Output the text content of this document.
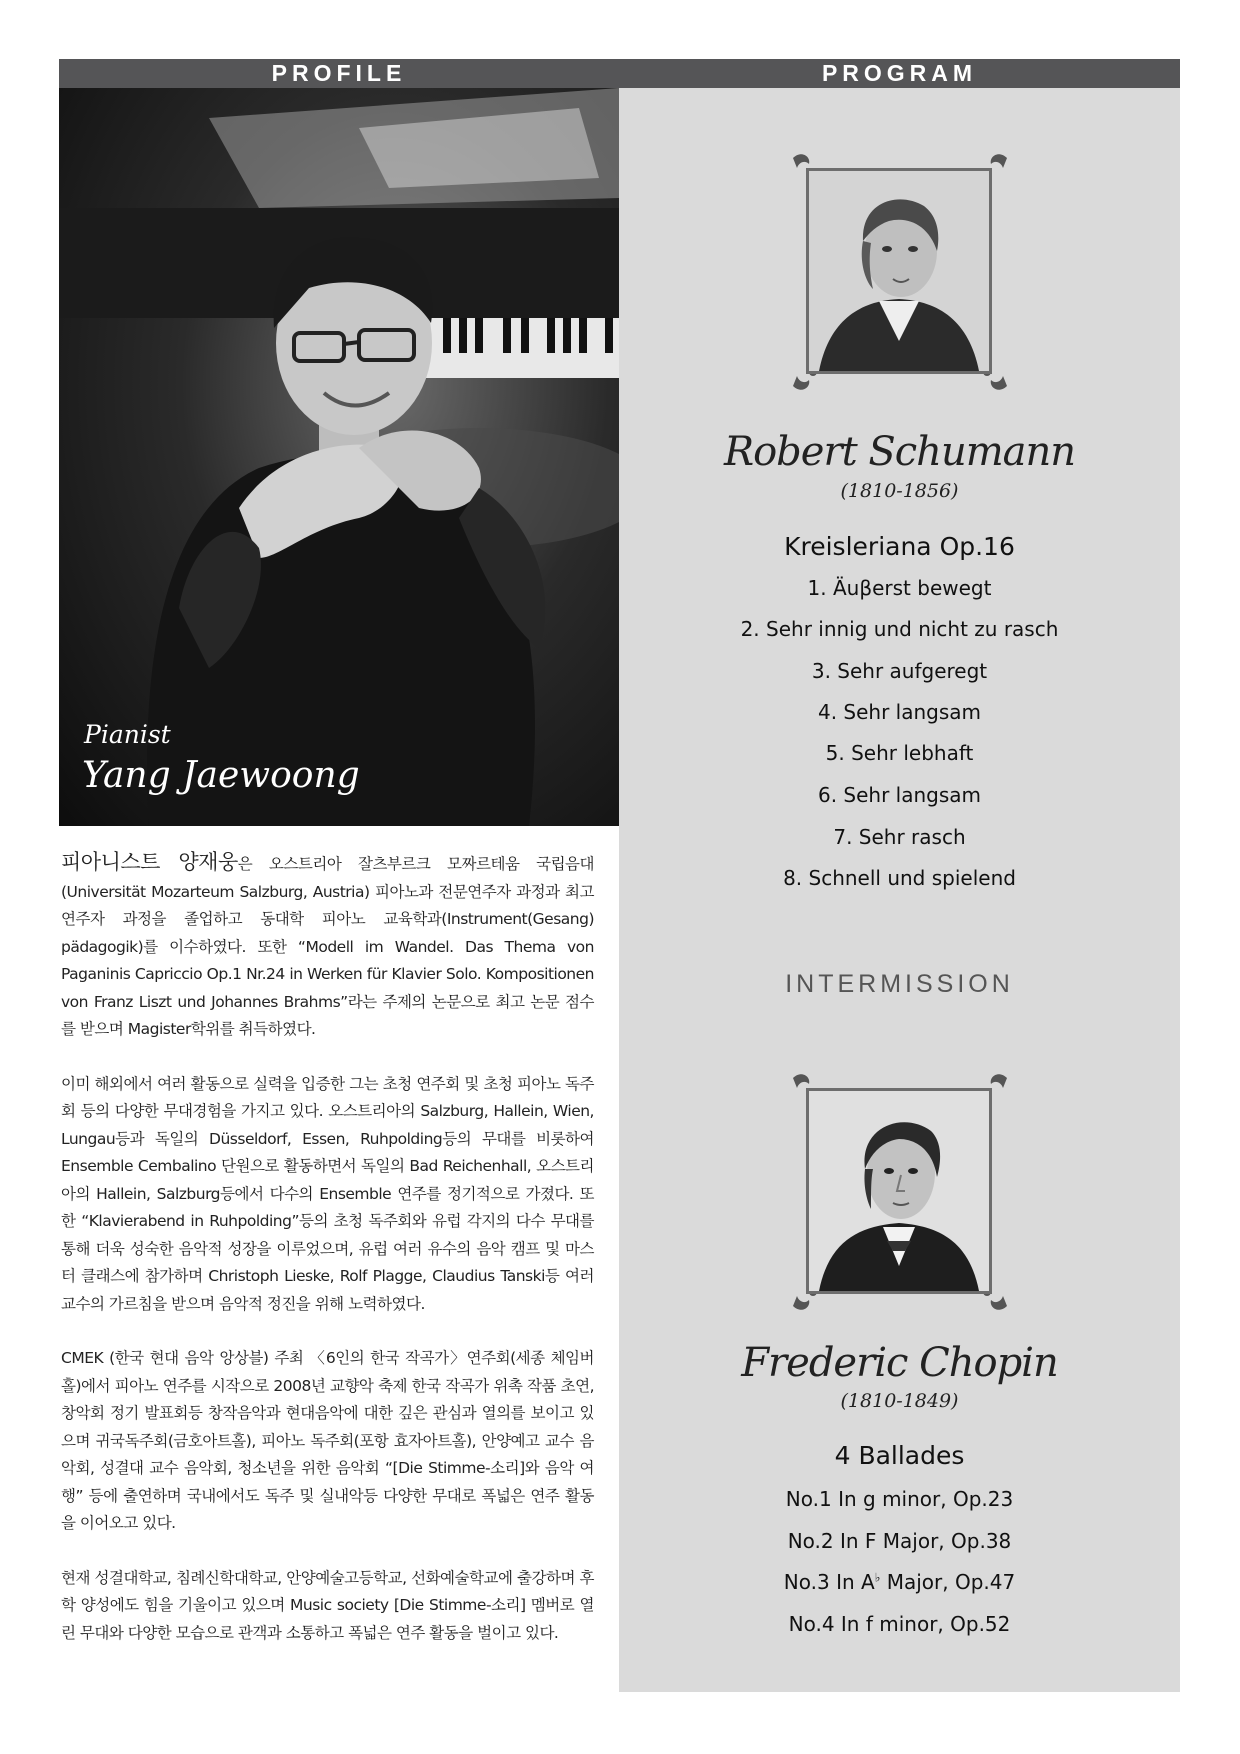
PROFILE	PROGRAM
Pianist
Yang Jaewoong

피아니스트 양재웅은 오스트리아 잘츠부르크 모짜르테움 국립음대(Universität Mozarteum Salzburg, Austria) 피아노과 전문연주자 과정과 최고 연주자 과정을 졸업하고 동대학 피아노 교육학과(Instrument(Gesang) pädagogik)를 이수하였다. 또한 “Modell im Wandel. Das Thema von Paganinis Capriccio Op.1 Nr.24 in Werken für Klavier Solo. Kompositionen von Franz Liszt und Johannes Brahms”라는 주제의 논문으로 최고 논문 점수를 받으며 Magister학위를 취득하였다.

이미 해외에서 여러 활동으로 실력을 입증한 그는 초청 연주회 및 초청 피아노 독주회 등의 다양한 무대경험을 가지고 있다. 오스트리아의 Salzburg, Hallein, Wien, Lungau등과 독일의 Düsseldorf, Essen, Ruhpolding등의 무대를 비롯하여 Ensemble Cembalino 단원으로 활동하면서 독일의 Bad Reichenhall, 오스트리아의 Hallein, Salzburg등에서 다수의 Ensemble 연주를 정기적으로 가졌다. 또한 “Klavierabend in Ruhpolding”등의 초청 독주회와 유럽 각지의 다수 무대를 통해 더욱 성숙한 음악적 성장을 이루었으며, 유럽 여러 유수의 음악 캠프 및 마스터 클래스에 참가하며 Christoph Lieske, Rolf Plagge, Claudius Tanski등 여러 교수의 가르침을 받으며 음악적 정진을 위해 노력하였다.

CMEK (한국 현대 음악 앙상블) 주최 〈6인의 한국 작곡가〉연주회(세종 체임버홀)에서 피아노 연주를 시작으로 2008년 교향악 축제 한국 작곡가 위촉 작품 초연, 창악회 정기 발표회등 창작음악과 현대음악에 대한 깊은 관심과 열의를 보이고 있으며 귀국독주회(금호아트홀), 피아노 독주회(포항 효자아트홀), 안양예고 교수 음악회, 성결대 교수 음악회, 청소년을 위한 음악회 “[Die Stimme-소리]와 음악 여행” 등에 출연하며 국내에서도 독주 및 실내악등 다양한 무대로 폭넓은 연주 활동을 이어오고 있다.

현재 성결대학교, 침례신학대학교, 안양예술고등학교, 선화예술학교에 출강하며 후학 양성에도 힘을 기울이고 있으며 Music society [Die Stimme-소리] 멤버로 열린 무대와 다양한 모습으로 관객과 소통하고 폭넓은 연주 활동을 벌이고 있다.

Robert Schumann
(1810-1856)
Kreisleriana Op.16
1. Äuβerst bewegt
2. Sehr innig und nicht zu rasch
3. Sehr aufgeregt
4. Sehr langsam
5. Sehr lebhaft
6. Sehr langsam
7. Sehr rasch
8. Schnell und spielend
INTERMISSION
Frederic Chopin
(1810-1849)
4 Ballades
No.1 In g minor, Op.23
No.2 In F Major, Op.38
No.3 In A♭ Major, Op.47
No.4 In f minor, Op.52
